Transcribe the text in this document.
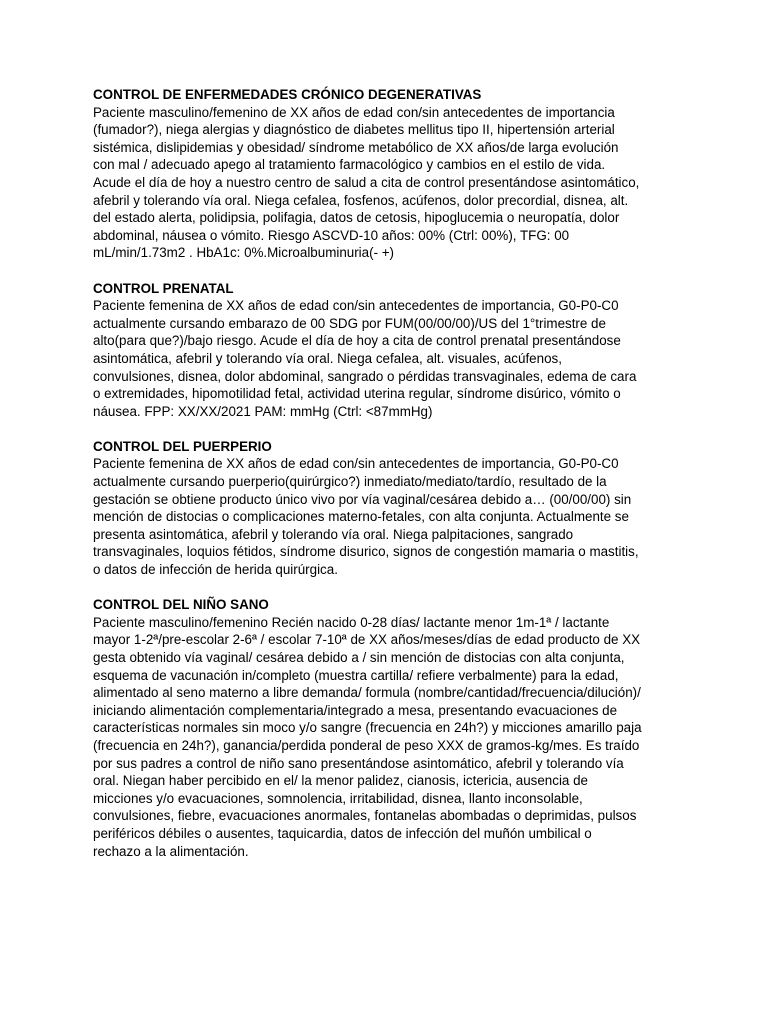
CONTROL DE ENFERMEDADES CRÓNICO DEGENERATIVAS
Paciente masculino/femenino de XX años de edad con/sin antecedentes de importancia
(fumador?), niega alergias y diagnóstico de diabetes mellitus tipo II, hipertensión arterial
sistémica, dislipidemias y obesidad/ síndrome metabólico de XX años/de larga evolución
con mal / adecuado apego al tratamiento farmacológico y cambios en el estilo de vida.
Acude el día de hoy a nuestro centro de salud a cita de control presentándose asintomático,
afebril y tolerando vía oral. Niega cefalea, fosfenos, acúfenos, dolor precordial, disnea, alt.
del estado alerta, polidipsia, polifagia, datos de cetosis, hipoglucemia o neuropatía, dolor
abdominal, náusea o vómito. Riesgo ASCVD-10 años: 00% (Ctrl: 00%), TFG: 00
mL/min/1.73m2 . HbA1c: 0%.Microalbuminuria(- +)
CONTROL PRENATAL
Paciente femenina de XX años de edad con/sin antecedentes de importancia, G0-P0-C0
actualmente cursando embarazo de 00 SDG por FUM(00/00/00)/US del 1°trimestre de
alto(para que?)/bajo riesgo. Acude el día de hoy a cita de control prenatal presentándose
asintomática, afebril y tolerando vía oral. Niega cefalea, alt. visuales, acúfenos,
convulsiones, disnea, dolor abdominal, sangrado o pérdidas transvaginales, edema de cara
o extremidades, hipomotilidad fetal, actividad uterina regular, síndrome disúrico, vómito o
náusea. FPP: XX/XX/2021 PAM: mmHg (Ctrl: <87mmHg)
CONTROL DEL PUERPERIO
Paciente femenina de XX años de edad con/sin antecedentes de importancia, G0-P0-C0
actualmente cursando puerperio(quirúrgico?) inmediato/mediato/tardío, resultado de la
gestación se obtiene producto único vivo por vía vaginal/cesárea debido a… (00/00/00) sin
mención de distocias o complicaciones materno-fetales, con alta conjunta. Actualmente se
presenta asintomática, afebril y tolerando vía oral. Niega palpitaciones, sangrado
transvaginales, loquios fétidos, síndrome disurico, signos de congestión mamaria o mastitis,
o datos de infección de herida quirúrgica.
CONTROL DEL NIÑO SANO
Paciente masculino/femenino Recién nacido 0-28 días/ lactante menor 1m-1ª / lactante
mayor 1-2ª/pre-escolar 2-6ª / escolar 7-10ª de XX años/meses/días de edad producto de XX
gesta obtenido vía vaginal/ cesárea debido a / sin mención de distocias con alta conjunta,
esquema de vacunación in/completo (muestra cartilla/ refiere verbalmente) para la edad,
alimentado al seno materno a libre demanda/ formula (nombre/cantidad/frecuencia/dilución)/
iniciando alimentación complementaria/integrado a mesa, presentando evacuaciones de
características normales sin moco y/o sangre (frecuencia en 24h?) y micciones amarillo paja
(frecuencia en 24h?), ganancia/perdida ponderal de peso XXX de gramos-kg/mes. Es traído
por sus padres a control de niño sano presentándose asintomático, afebril y tolerando vía
oral. Niegan haber percibido en el/ la menor palidez, cianosis, ictericia, ausencia de
micciones y/o evacuaciones, somnolencia, irritabilidad, disnea, llanto inconsolable,
convulsiones, fiebre, evacuaciones anormales, fontanelas abombadas o deprimidas, pulsos
periféricos débiles o ausentes, taquicardia, datos de infección del muñón umbilical o
rechazo a la alimentación.
